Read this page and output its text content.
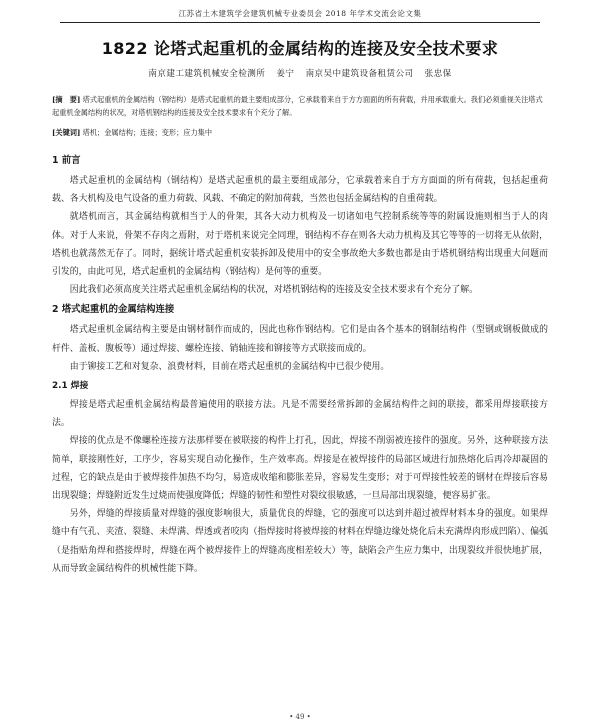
江苏省土木建筑学会建筑机械专业委员会 2018 年学术交流会论文集
1822 论塔式起重机的金属结构的连接及安全技术要求
南京建工建筑机械安全检测所 姜宁 南京吴中建筑设备租赁公司 张忠保
[摘　要] 塔式起重机的金属结构（钢结构）是塔式起重机的最主要组成部分，它承载着来自于方方面面的所有荷载，并用承载重大。我们必须重视关注塔式起重机金属结构的状况，对塔机钢结构的连接及安全技术要求有个充分了解。
[关键词] 塔机；金属结构；连接；变形；应力集中
1 前言

塔式起重机的金属结构（钢结构）是塔式起重机的最主要组成部分，它承载着来自于方方面面的所有荷载，包括起重荷载、各大机构及电气设备的重力荷载、风载、不确定的附加荷载，当然也包括金属结构的自重荷载。

就塔机而言，其金属结构就相当于人的骨架，其各大动力机构及一切诸如电气控制系统等等的附属设施则相当于人的肉体。对于人来说，骨架不存肉之焉附，对于塔机来说完全同理，钢结构不存在则各大动力机构及其它等等的一切将无从依附，塔机也就荡然无存了。同时，据统计塔式起重机安装拆卸及使用中的安全事故绝大多数也都是由于塔机钢结构出现重大问题而引发的，由此可见，塔式起重机的金属结构（钢结构）是何等的重要。

因此我们必须高度关注塔式起重机金属结构的状况，对塔机钢结构的连接及安全技术要求有个充分了解。

2 塔式起重机的金属结构连接

塔式起重机金属结构主要是由钢材制作而成的，因此也称作钢结构。它们是由各个基本的钢制结构件（型钢或钢板做成的杆件、盖板、腹板等）通过焊接、螺栓连接、销轴连接和铆接等方式联接而成的。

由于铆接工艺和对复杂、浪费材料，目前在塔式起重机的金属结构中已很少使用。

2.1 焊接

焊接是塔式起重机金属结构最普遍使用的联接方法。凡是不需要经常拆卸的金属结构件之间的联接，都采用焊接联接方法。

焊接的优点是不像螺栓连接方法那样要在被联接的构件上打孔，因此，焊接不削弱被连接件的强度。另外，这种联接方法简单，联接刚性好，工序少，容易实现自动化操作，生产效率高。焊接是在被焊接件的局部区域进行加热熔化后再冷却凝固的过程，它的缺点是由于被焊接件加热不均匀，易造成收缩和膨胀差异，容易发生变形；对于可焊接性较差的钢材在焊接后容易出现裂缝；焊缝附近发生过烧而使强度降低；焊缝的韧性和塑性对裂纹很敏感，一旦局部出现裂缝，便容易扩张。

另外，焊缝的焊接质量对焊缝的强度影响很大，质量优良的焊缝，它的强度可以达到并超过被焊材料本身的强度。如果焊缝中有气孔、夹渣、裂缝、未焊满、焊透或者咬肉（指焊接时将被焊接的材料在焊缝边缘处烧化后未充满焊肉形成凹陷）、偏弧（是指贴角焊和搭接焊时，焊缝在两个被焊接件上的焊缝高度相差较大）等，缺陷会产生应力集中，出现裂纹并很快地扩展，从而导致金属结构件的机械性能下降。

• 49 •
